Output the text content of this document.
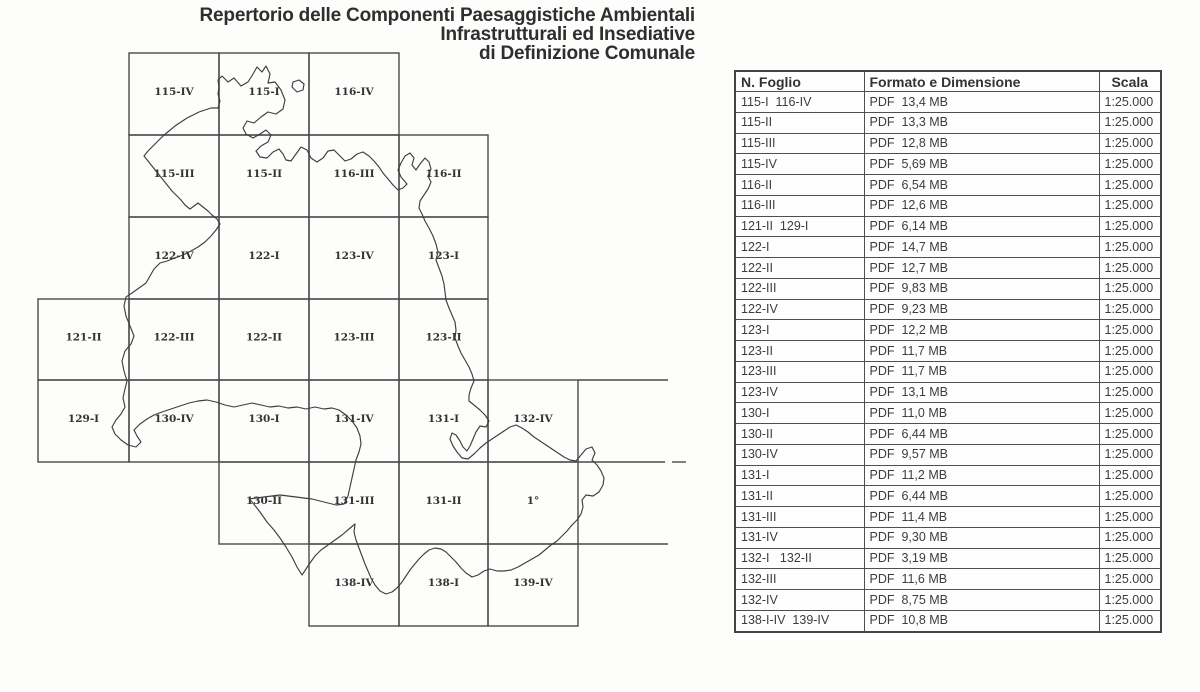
Repertorio delle Componenti Paesaggistiche Ambientali
Infrastrutturali ed Insediative
di Definizione Comunale
115-IV	115-I	116-IV
115-III	115-II	116-III	116-II
122-IV	122-I	123-IV	123-I
121-II	122-III	122-II	123-III	123-II
129-I	130-IV	130-I	131-IV	131-I	132-IV
130-II	131-III	131-II	1°
138-IV	138-I	139-IV
N. Foglio	Formato e Dimensione	Scala
115-I  116-IV	PDF  13,4 MB	1:25.000
115-II	PDF  13,3 MB	1:25.000
115-III	PDF  12,8 MB	1:25.000
115-IV	PDF  5,69 MB	1:25.000
116-II	PDF  6,54 MB	1:25.000
116-III	PDF  12,6 MB	1:25.000
121-II  129-I	PDF  6,14 MB	1:25.000
122-I	PDF  14,7 MB	1:25.000
122-II	PDF  12,7 MB	1:25.000
122-III	PDF  9,83 MB	1:25.000
122-IV	PDF  9,23 MB	1:25.000
123-I	PDF  12,2 MB	1:25.000
123-II	PDF  11,7 MB	1:25.000
123-III	PDF  11,7 MB	1:25.000
123-IV	PDF  13,1 MB	1:25.000
130-I	PDF  11,0 MB	1:25.000
130-II	PDF  6,44 MB	1:25.000
130-IV	PDF  9,57 MB	1:25.000
131-I	PDF  11,2 MB	1:25.000
131-II	PDF  6,44 MB	1:25.000
131-III	PDF  11,4 MB	1:25.000
131-IV	PDF  9,30 MB	1:25.000
132-I   132-II	PDF  3,19 MB	1:25.000
132-III	PDF  11,6 MB	1:25.000
132-IV	PDF  8,75 MB	1:25.000
138-I-IV  139-IV	PDF  10,8 MB	1:25.000
